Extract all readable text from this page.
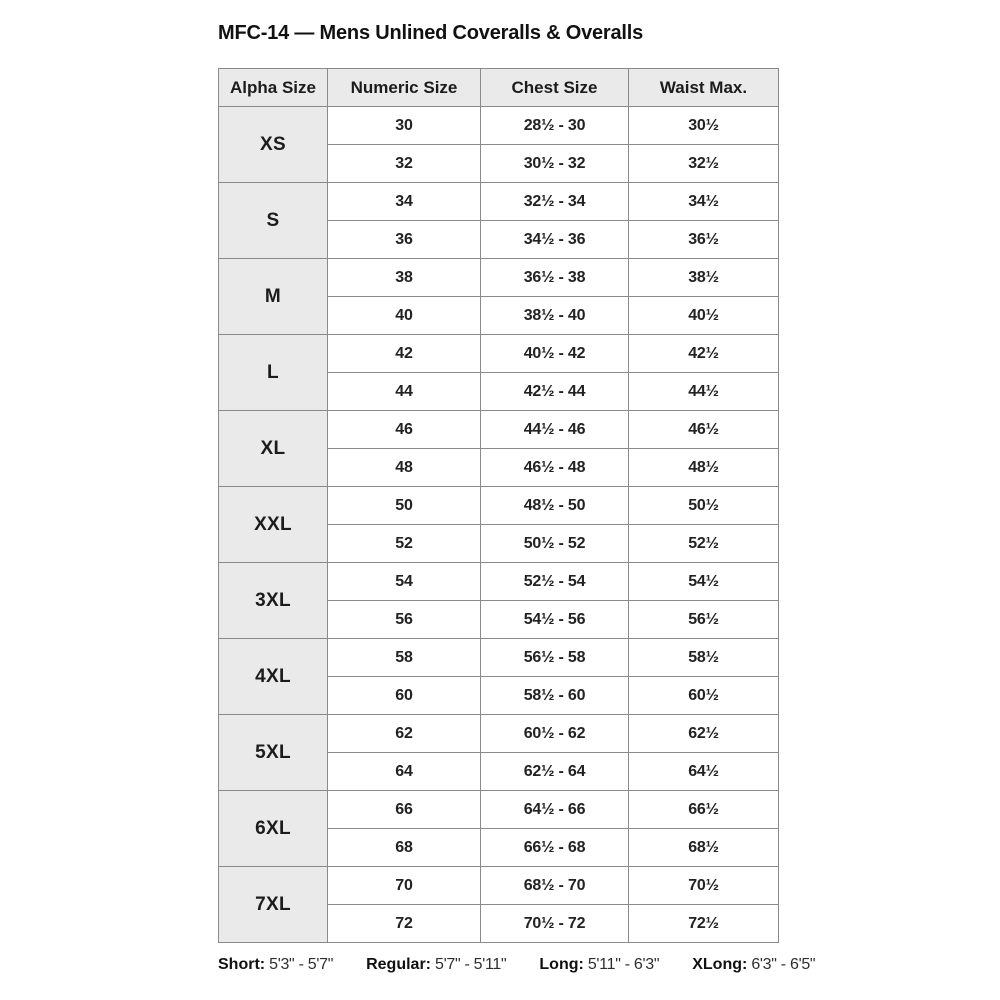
MFC-14 — Mens Unlined Coveralls & Overalls
Alpha Size	Numeric Size	Chest Size	Waist Max.
XS	30	28½ - 30	30½
	32	30½ - 32	32½
S	34	32½ - 34	34½
	36	34½ - 36	36½
M	38	36½ - 38	38½
	40	38½ - 40	40½
L	42	40½ - 42	42½
	44	42½ - 44	44½
XL	46	44½ - 46	46½
	48	46½ - 48	48½
XXL	50	48½ - 50	50½
	52	50½ - 52	52½
3XL	54	52½ - 54	54½
	56	54½ - 56	56½
4XL	58	56½ - 58	58½
	60	58½ - 60	60½
5XL	62	60½ - 62	62½
	64	62½ - 64	64½
6XL	66	64½ - 66	66½
	68	66½ - 68	68½
7XL	70	68½ - 70	70½
	72	70½ - 72	72½
Short: 5'3" - 5'7" Regular: 5'7" - 5'11" Long: 5'11" - 6'3" XLong: 6'3" - 6'5"
